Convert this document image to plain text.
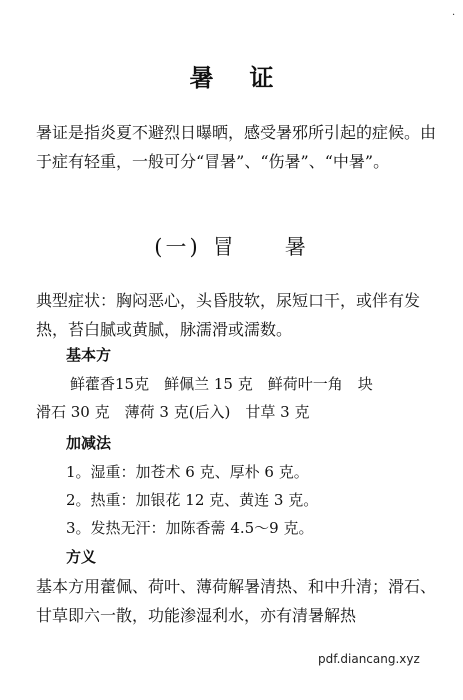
·
暑证

暑证是指炎夏不避烈日曝晒，感受暑邪所引起的症候。由于症有轻重，一般可分“冒暑”、“伤暑”、“中暑”。

(一) 冒 暑

典型症状：胸闷恶心，头昏肢软，尿短口干，或伴有发热，苔白腻或黄腻，脉濡滑或濡数。

基本方

鲜藿香15克　鲜佩兰 15 克　鲜荷叶一角　块

滑石 30 克　薄荷 3 克(后入)　甘草 3 克

加减法

1。湿重：加苍术 6 克、厚朴 6 克。

2。热重：加银花 12 克、黄连 3 克。

3。发热无汗：加陈香薷 4.5～9 克。

方义

基本方用藿佩、荷叶、薄荷解暑清热、和中升清；滑石、甘草即六一散，功能渗湿利水，亦有清暑解热

pdf.diancang.xyz
